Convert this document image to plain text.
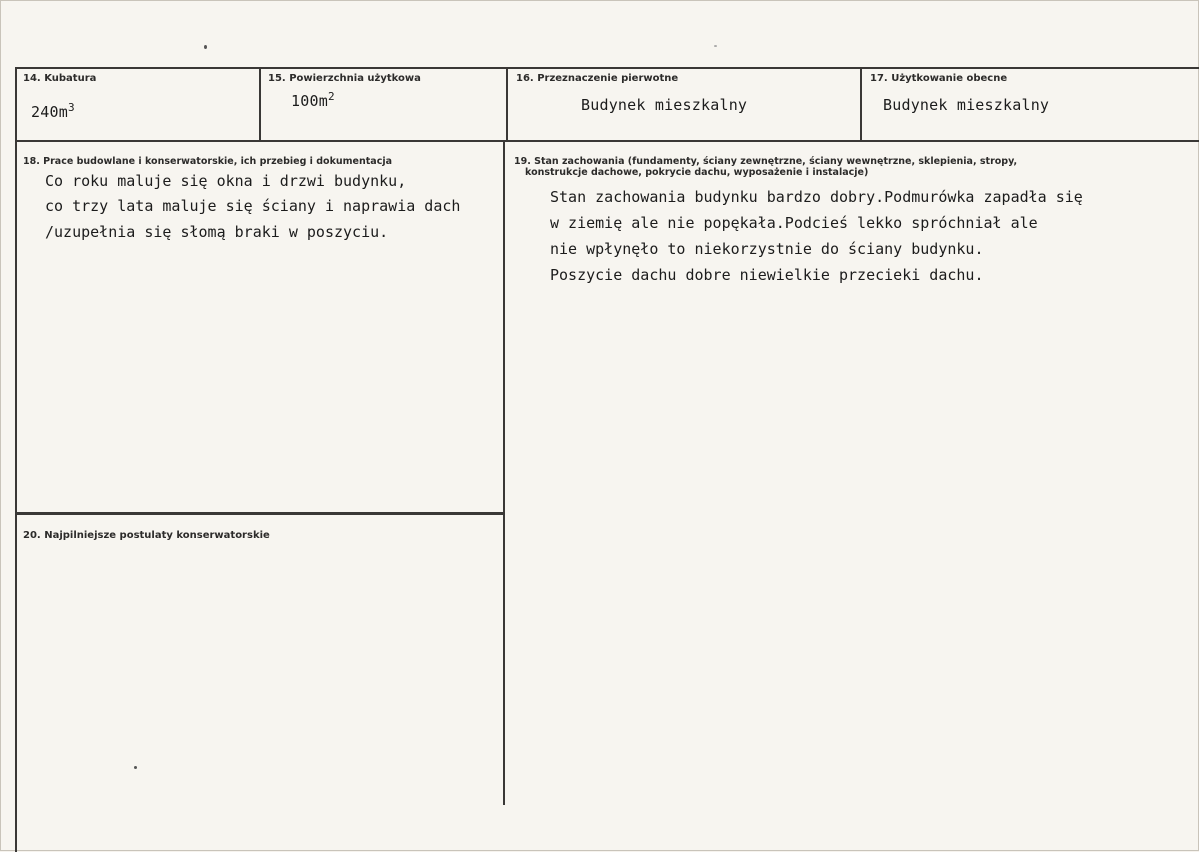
14. Kubatura
$240m^3$
15. Powierzchnia użytkowa
$100m^2$
16. Przeznaczenie pierwotne
Budynek mieszkalny
17. Użytkowanie obecne
Budynek mieszkalny
18. Prace budowlane i konserwatorskie, ich przebieg i dokumentacja
Co roku maluje się okna i drzwi budynku,
co trzy lata maluje się ściany i naprawia dach
/uzupełnia się słomą braki w poszyciu.
19. Stan zachowania (fundamenty, ściany zewnętrzne, ściany wewnętrzne, sklepienia, stropy,
konstrukcje dachowe, pokrycie dachu, wyposażenie i instalacje)
Stan zachowania budynku bardzo dobry.Podmurówka zapadła się
w ziemię ale nie popękała.Podcieś lekko spróchniał ale
nie wpłynęło to niekorzystnie do ściany budynku.
Poszycie dachu dobre niewielkie przecieki dachu.
20. Najpilniejsze postulaty konserwatorskie
